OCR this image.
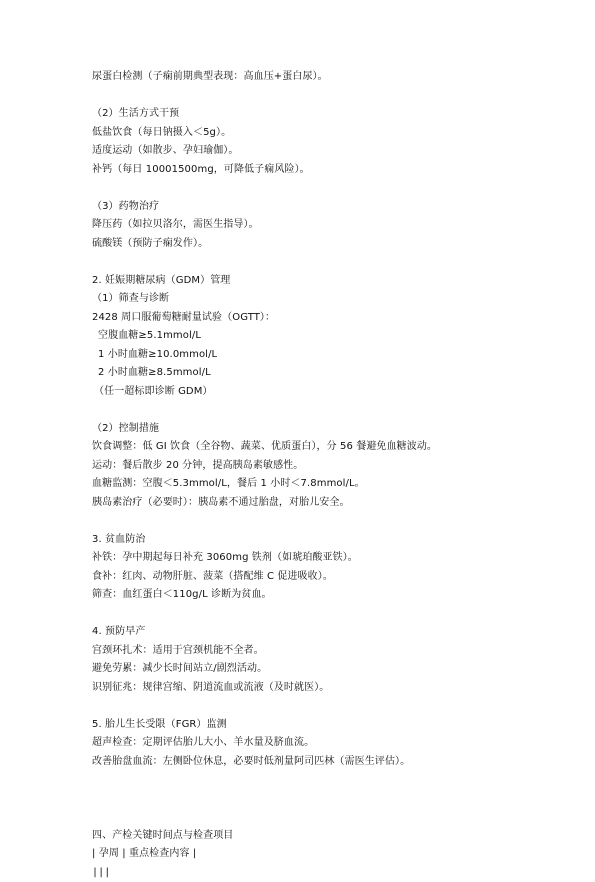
尿蛋白检测（子痫前期典型表现：高血压+蛋白尿）。
（2）生活方式干预
低盐饮食（每日钠摄入＜5g）。
适度运动（如散步、孕妇瑜伽）。
补钙（每日 10001500mg，可降低子痫风险）。
（3）药物治疗
降压药（如拉贝洛尔，需医生指导）。
硫酸镁（预防子痫发作）。
2. 妊娠期糖尿病（GDM）管理
（1）筛查与诊断
2428 周口服葡萄糖耐量试验（OGTT）：
空腹血糖≥5.1mmol/L
1 小时血糖≥10.0mmol/L
2 小时血糖≥8.5mmol/L
（任一超标即诊断 GDM）
（2）控制措施
饮食调整：低 GI 饮食（全谷物、蔬菜、优质蛋白），分 56 餐避免血糖波动。
运动：餐后散步 20 分钟，提高胰岛素敏感性。
血糖监测：空腹＜5.3mmol/L，餐后 1 小时＜7.8mmol/L。
胰岛素治疗（必要时）：胰岛素不通过胎盘，对胎儿安全。
3. 贫血防治
补铁：孕中期起每日补充 3060mg 铁剂（如琥珀酸亚铁）。
食补：红肉、动物肝脏、菠菜（搭配维 C 促进吸收）。
筛查：血红蛋白＜110g/L 诊断为贫血。
4. 预防早产
宫颈环扎术：适用于宫颈机能不全者。
避免劳累：减少长时间站立/剧烈活动。
识别征兆：规律宫缩、阴道流血或流液（及时就医）。
5. 胎儿生长受限（FGR）监测
超声检查：定期评估胎儿大小、羊水量及脐血流。
改善胎盘血流：左侧卧位休息，必要时低剂量阿司匹林（需医生评估）。
四、产检关键时间点与检查项目
| 孕周 | 重点检查内容 |
|||
